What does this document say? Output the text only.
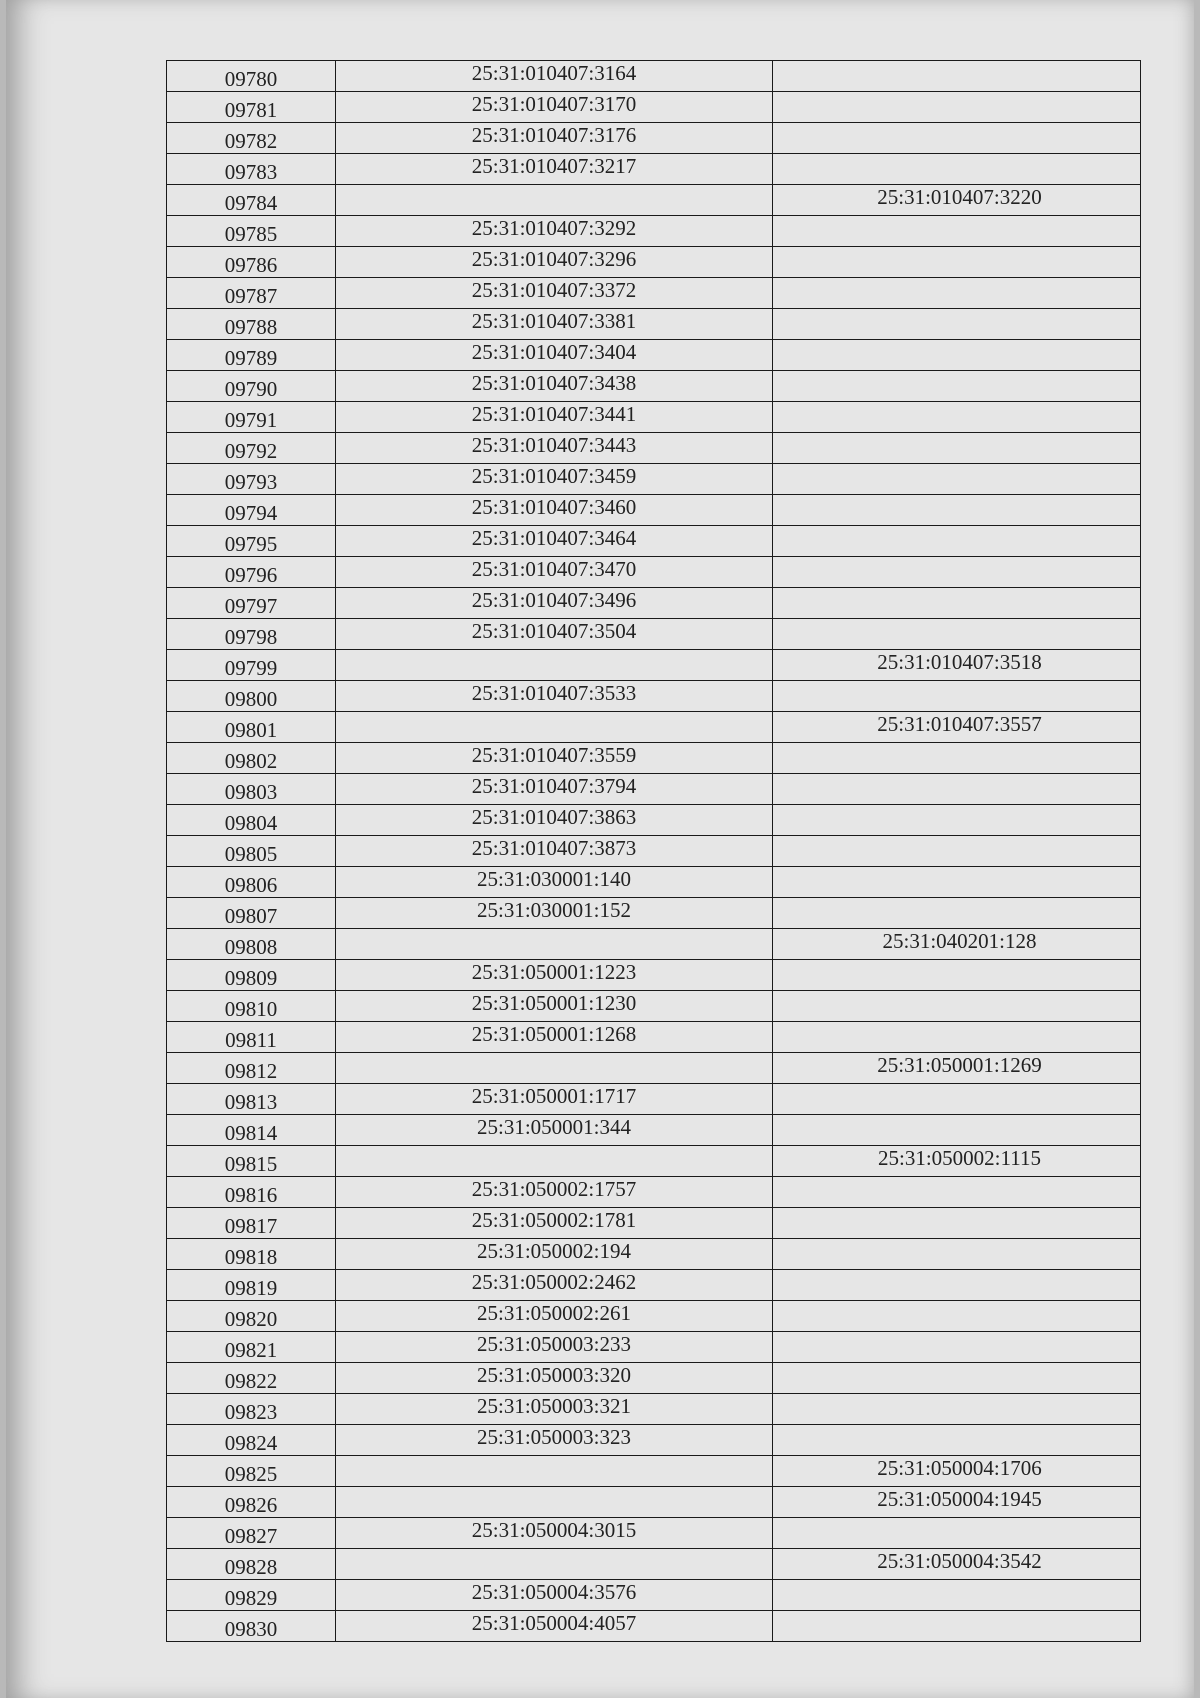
09780	25:31:010407:3164	
09781	25:31:010407:3170	
09782	25:31:010407:3176	
09783	25:31:010407:3217	
09784		25:31:010407:3220
09785	25:31:010407:3292	
09786	25:31:010407:3296	
09787	25:31:010407:3372	
09788	25:31:010407:3381	
09789	25:31:010407:3404	
09790	25:31:010407:3438	
09791	25:31:010407:3441	
09792	25:31:010407:3443	
09793	25:31:010407:3459	
09794	25:31:010407:3460	
09795	25:31:010407:3464	
09796	25:31:010407:3470	
09797	25:31:010407:3496	
09798	25:31:010407:3504	
09799		25:31:010407:3518
09800	25:31:010407:3533	
09801		25:31:010407:3557
09802	25:31:010407:3559	
09803	25:31:010407:3794	
09804	25:31:010407:3863	
09805	25:31:010407:3873	
09806	25:31:030001:140	
09807	25:31:030001:152	
09808		25:31:040201:128
09809	25:31:050001:1223	
09810	25:31:050001:1230	
09811	25:31:050001:1268	
09812		25:31:050001:1269
09813	25:31:050001:1717	
09814	25:31:050001:344	
09815		25:31:050002:1115
09816	25:31:050002:1757	
09817	25:31:050002:1781	
09818	25:31:050002:194	
09819	25:31:050002:2462	
09820	25:31:050002:261	
09821	25:31:050003:233	
09822	25:31:050003:320	
09823	25:31:050003:321	
09824	25:31:050003:323	
09825		25:31:050004:1706
09826		25:31:050004:1945
09827	25:31:050004:3015	
09828		25:31:050004:3542
09829	25:31:050004:3576	
09830	25:31:050004:4057	
